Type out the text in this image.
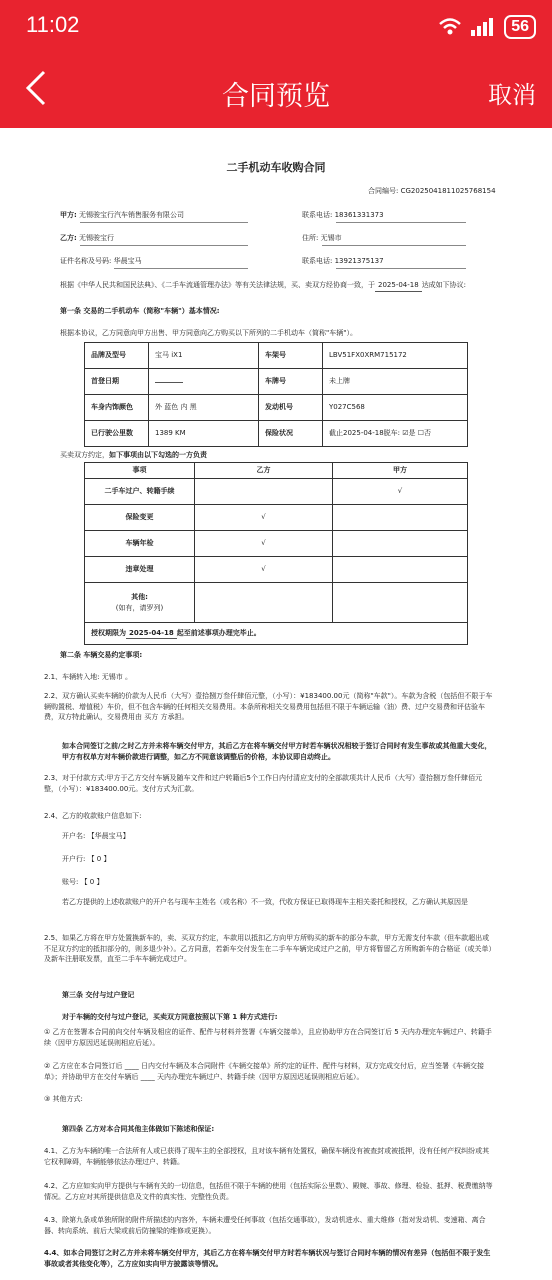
11:02	56
合同预览	取消
二手机动车收购合同
合同编号: CG20250418110257681​54
甲方: 无锡骏宝行汽车销售服务有限公司	联系电话: 18361331373
乙方: 无锡骏宝行	住所: 无锡市
证件名称及号码: 华晨宝马	联系电话: 13921375137
根据《中华人民共和国民法典》、《二手车流通管理办法》等有关法律法规，买、卖双方经协商一致，于 2025-04-18 达成如下协议:
第一条 交易的二手机动车（简称"车辆"）基本情况:
根据本协议，乙方同意向甲方出售、甲方同意向乙方购买以下所列的二手机动车（简称"车辆"）。
品牌及型号	宝马 iX1	车架号	LBV51FX0XRM715172
首登日期		车牌号	未上牌
车身内饰颜色	外 蓝色 内 黑	发动机号	Y027C568
已行驶公里数	1389 KM	保险状况	截止2025-04-18脱车: ☑是 ☐否
买卖双方约定，如下事项由以下勾选的一方负责
事项	乙方	甲方
二手车过户、转籍手续		√
保险变更	√	
车辆年检	√	
违章处理	√	

其他:
(如有，请罗列)		

授权期限为 2025-04-18 起至前述事项办理完毕止。		
第二条 车辆交易约定事项:
2.1、车辆转入地: 无锡市 。
2.2、双方确认买卖车辆的价款为人民币（大写）壹拾捌万叁仟肆佰元整，（小写）：¥183400.00元（简称"车款"）。车款为含税（包括但不限于车辆购置税、增值税）车价，但不包含车辆的任何相关交易费用。本条所称相关交易费用包括但不限于车辆运输（油）费、过户交易费和评估验车费，双方特此确认，交易费用由 买方 方承担。
如本合同签订之前/之时乙方并未将车辆交付甲方，其后乙方在将车辆交付甲方时若车辆状况相较于签订合同时有发生事故或其他重大变化，甲方有权单方对车辆价款进行调整，如乙方不同意该调整后的价格，本协议即自动终止。
2.3、对于付款方式:甲方于乙方交付车辆及随车文件和过户转籍后5个工作日内付清应支付的全部款项共计人民币（大写）壹拾捌万叁仟肆佰元整，（小写）：¥183400.00元。支付方式为汇款。
2.4、乙方的收款账户信息如下:
开户名: 【华晨宝马】
开户行: 【 0 】
账号: 【 0 】
若乙方提供的上述收款账户的开户名与现车主姓名（或名称）不一致，代收方保证已取得现车主相关委托和授权，乙方确认其原因是
2.5、如果乙方将在甲方处置换新车的，卖、买双方约定，车款用以抵扣乙方向甲方所购买的新车的部分车款，甲方无需支付车款（但车款超出或不足双方约定的抵扣部分的，则多退少补）。乙方同意，若新车交付发生在二手车车辆完成过户之前，甲方将暂留乙方所购新车的合格证（或关单）及新车注册联发票，直至二手车车辆完成过户。
第三条 交付与过户登记
对于车辆的交付与过户登记，买卖双方同意按照以下第 1 种方式进行:
① 乙方在签署本合同前向交付车辆及相应的证件、配件与材料并签署《车辆交接单》，且应协助甲方在合同签订后 5 天内办理完车辆过户、转籍手续（因甲方原因迟延误则相应后延）。
② 乙方应在本合同签订后 ____ 日内交付车辆及本合同附件《车辆交接单》所约定的证件、配件与材料，双方完成交付后，应当签署《车辆交接单》；并协助甲方在交付车辆后 ____ 天内办理完车辆过户、转籍手续（因甲方原因迟延误则相应后延）。
③ 其他方式:
第四条 乙方对本合同其他主体做如下陈述和保证:
4.1、乙方为车辆的唯一合法所有人或已获得了现车主的全部授权，且对该车辆有处置权，确保车辆没有被查封或被抵押，没有任何产权纠纷或其它权利障碍，车辆能够依法办理过户、转籍。
4.2、乙方应如实向甲方提供与车辆有关的一切信息，包括但不限于车辆的使用（包括实际公里数）、殿婉、事故、修理、检验、抵押、税费缴纳等情况。乙方应对其所提供信息及文件的真实性、完整性负责。
4.3、除第九条或单独所附的附件所描述的内容外，车辆未遭受任何事故（包括交通事故），发动机进水、重大维修（指对发动机、变速箱、离合器、转向系统、前后大梁或前后防撞梁的维修或更换）。
4.4、如本合同签订之时乙方并未将车辆交付甲方，其后乙方在将车辆交付甲方时若车辆状况与签订合同时车辆的情况有差异（包括但不限于发生事故或者其他变化等），乙方应如实向甲方披露该等情况。
